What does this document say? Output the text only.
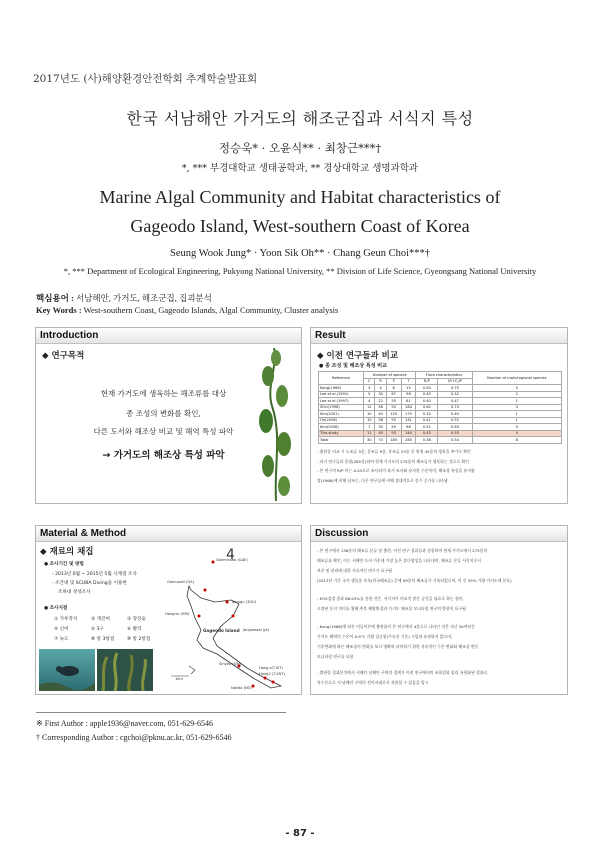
2017년도 (사)해양환경안전학회 추계학술발표회
한국 서남해안 가거도의 해조군집과 서식지 특성
정승욱* · 오윤식** · 최창근***†
*, *** 부경대학교 생태공학과, ** 경상대학교 생명과학과
Marine Algal Community and Habitat characteristics of
Gageodo Island, West-southern Coast of Korea
Seung Wook Jung* · Yoon Sik Oh** · Chang Geun Choi***†
*, *** Department of Ecological Engineering, Pukyong National University, ** Division of Life Science, Gyeongsang National University
핵심용어 : 서남해안, 가거도, 해조군집, 집괴분석
Key Words : West-southern Coast, Gageodo Islands, Algal Community, Cluster analysis
Introduction
◆ 연구목적
현재 가거도에 생육하는 해조류를 대상
종 조성의 변화를 확인,
다른 도서와 해조상 비교 및 해역 특성 파악
→ 가거도의 해조상 특성 파악
Result
◆ 이전 연구들과 비교
● 종 조성 및 해조상 특성 비교
Reference	Number of species				Flora characteristics		Number of main/regional species
	C	R	P	T	R/P	(R+C)/P	
Kang(1966)	3	4	8	15	0.50	0.75	0
Lee et al.(1991)	5	30	67	98	0.45	0.52	2
Lee et al.(1997)	4	22	55	81	0.40	0.47	1
Shin(1998)	12	58	94	164	0.62	0.74	3
Kim(2001)	10	40	125	175	0.32	0.40	1
Oh(2006)	10	38	93	141	0.41	0.52	1
Kim(2008)	7	30	59	96	0.51	0.63	0
This study	11	40	93	144	0.43	0.55	4
Total	30	70	185	285	0.38	0.54	8
- 출현종 비교 시 녹조류 3종, 갈조류 9종, 홍조류 33종 등 현재 45종의 생육을 추가로 확인
- 과거 연구들과 종합(285종)하여 현재 가거도의 275종의 해조류가 생육하는 것으로 확인
- 본 연구의 R/P 비는 0.43으로 조사되어 과거 조사와 유사한 수준이며, 해조상 특성을 유지함
강(1966)에 비해 남조는, 다른 연구들에 비해 상대적으로 종수 증가를 나타냄.
Material & Method
◆ 재료의 채집
● 조사기간 및 방법
- 2013년 6월 ~ 2015년 5월 사계절 조사
- 조간대 및 SCUBA Diving을 이용한
조하대 정성조사
● 조사지점
① 가루작지	② 개진여	③ 장강술
④ 신여	⑤ 3구	⑥ 발리
⑦ 녹도	⑧ 항 3항점	⑨ 항 2항점
4
Gaeminseo (GAE)
Gamusalli (GA)
Samgu (3GU)
Hangrin (HRI)
Jangreasal (JA)
Gageodo Island
Sinyeo (SIN)
Hang.s(T.SIT)
Hang2 (T.2NT)
Nokdo (NO)
1km
Discussion
- 본 연구에서 136종의 해조류 분류 및 출현, 이전 연구 결과들과 종합하여 현재 가거도에서 275종의
해조류를 확인, 이는 서해안 도서 가운데 가장 높은 종다양성을 나타내며, 해조류 분류 서식지로서
보존 및 관리에 대한 지속적인 연구가 요구됨
(2013년 기준 국가 생물종 목록(한국해조류) 중에 99종의 해조류가 기록되었으며, 이 중 35% 가량 가거도에 분포)
- EOS검정 결과 86.03%를 통한 것은, 서식지가 비교적 많은 공간을 필요로 하는 점이,
고정된 동지 의미를 위해 추후 해양환경과 가거도 해조상 모니터링 연구의 방향이 요구됨
- Kang(1966)에 따른 어류이론에 출현률이 본 연구에서 4종으로 나타난 것은 지난 50여년간
가거도 해역의 수온이 0.9°C 가량 상승함(주속선 기준) 시일과 유관하지 않으며,
기후변화에 따른 해조상의 변화를 보다 명확히 파악하기 위한 지속적인 수온 변화와 해조상 변동
모니터링 연구를 요함
- 출현종 집괴분석에서 서해안 남해안 구역의 경계가 이전 연구에서의 조합결과 달리 유형화된 결과로,
특수문으로 서·남해안 구역의 전이지대로서 작용할 수 있음을 암시
※ First Author : apple1936@naver.com, 051-629-6546
† Corresponding Author : cgchoi@pknu.ac.kr, 051-629-6546
- 87 -
